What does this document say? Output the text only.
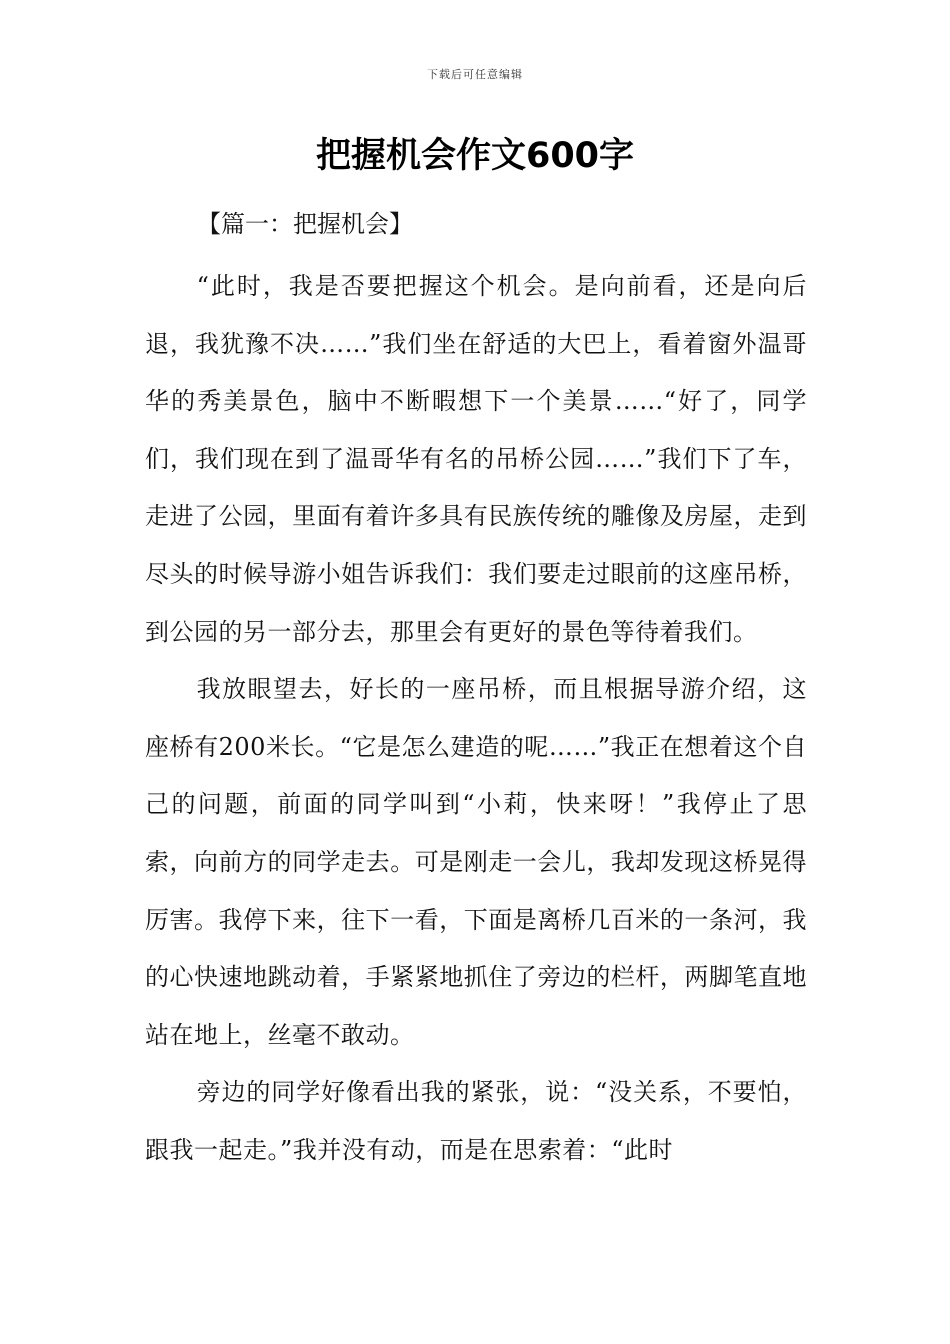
下载后可任意编辑
把握机会作文600字
【篇一：把握机会】

“此时，我是否要把握这个机会。是向前看，还是向后退，我犹豫不决……”我们坐在舒适的大巴上，看着窗外温哥华的秀美景色，脑中不断暇想下一个美景……“好了，同学们，我们现在到了温哥华有名的吊桥公园……”我们下了车，走进了公园，里面有着许多具有民族传统的雕像及房屋，走到尽头的时候导游小姐告诉我们：我们要走过眼前的这座吊桥，到公园的另一部分去，那里会有更好的景色等待着我们。

我放眼望去，好长的一座吊桥，而且根据导游介绍，这座桥有200米长。“它是怎么建造的呢……”我正在想着这个自己的问题，前面的同学叫到“小莉，快来呀！”我停止了思索，向前方的同学走去。可是刚走一会儿，我却发现这桥晃得厉害。我停下来，往下一看，下面是离桥几百米的一条河，我的心快速地跳动着，手紧紧地抓住了旁边的栏杆，两脚笔直地站在地上，丝毫不敢动。

旁边的同学好像看出我的紧张，说：“没关系，不要怕，跟我一起走。”我并没有动，而是在思索着：“此时
